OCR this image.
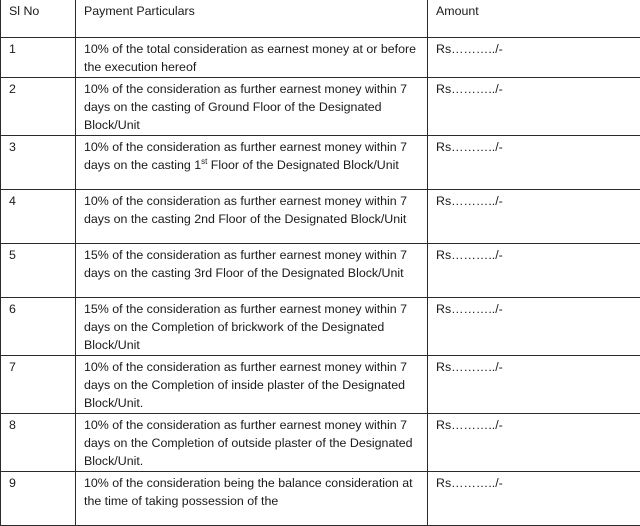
Sl No	Payment Particulars	Amount
1	10% of the total consideration as earnest money at or before the execution hereof	Rs………../-
2	10% of the consideration as further earnest money within 7 days on the casting of Ground Floor of the Designated Block/Unit	Rs………../-
3	10% of the consideration as further earnest money within 7 days on the casting 1st Floor of the Designated Block/Unit	Rs………../-
4	10% of the consideration as further earnest money within 7 days on the casting 2nd Floor of the Designated Block/Unit	Rs………../-
5	15% of the consideration as further earnest money within 7 days on the casting 3rd Floor of the Designated Block/Unit	Rs………../-
6	15% of the consideration as further earnest money within 7 days on the Completion of brickwork of the Designated Block/Unit	Rs………../-
7	10% of the consideration as further earnest money within 7 days on the Completion of inside plaster of the Designated Block/Unit.	Rs………../-
8	10% of the consideration as further earnest money within 7 days on the Completion of outside plaster of the Designated Block/Unit.	Rs………../-
9	10% of the consideration being the balance consideration at the time of taking possession of the	Rs………../-
